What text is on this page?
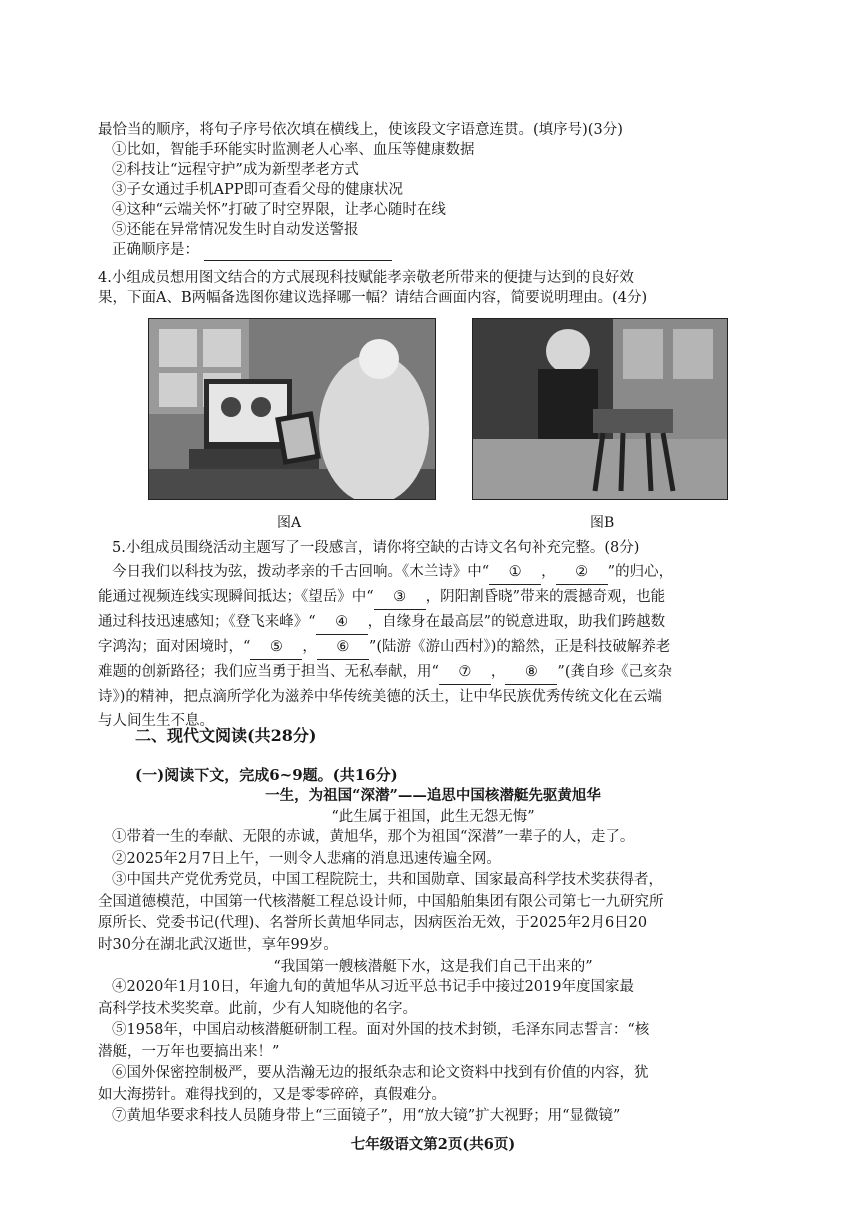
最恰当的顺序，将句子序号依次填在横线上，使该段文字语意连贯。(填序号)(3分)
①比如，智能手环能实时监测老人心率、血压等健康数据
②科技让“远程守护”成为新型孝老方式
③子女通过手机APP即可查看父母的健康状况
④这种“云端关怀”打破了时空界限，让孝心随时在线
⑤还能在异常情况发生时自动发送警报
正确顺序是：
4.小组成员想用图文结合的方式展现科技赋能孝亲敬老所带来的便捷与达到的良好效
果，下面A、B两幅备选图你建议选择哪一幅？请结合画面内容，简要说明理由。(4分)
图A	图B
5.小组成员围绕活动主题写了一段感言，请你将空缺的古诗文名句补充完整。(8分)
今日我们以科技为弦，拨动孝亲的千古回响。《木兰诗》中“ ① ， ② ”的归心，
能通过视频连线实现瞬间抵达；《望岳》中“ ③ ，阴阳割昏晓”带来的震撼奇观，也能
通过科技迅速感知；《登飞来峰》“ ④ ，自缘身在最高层”的锐意进取，助我们跨越数
字鸿沟；面对困境时，“ ⑤ ， ⑥ ”(陆游《游山西村》)的豁然，正是科技破解养老
难题的创新路径；我们应当勇于担当、无私奉献，用“ ⑦ ， ⑧ ”(龚自珍《己亥杂
诗》)的精神，把点滴所学化为滋养中华传统美德的沃土，让中华民族优秀传统文化在云端
与人间生生不息。
二、现代文阅读(共28分)
(一)阅读下文，完成6~9题。(共16分)
一生，为祖国“深潜”——追思中国核潜艇先驱黄旭华
“此生属于祖国，此生无怨无悔”
①带着一生的奉献、无限的赤诚，黄旭华，那个为祖国“深潜”一辈子的人，走了。
②2025年2月7日上午，一则令人悲痛的消息迅速传遍全网。
③中国共产党优秀党员，中国工程院院士，共和国勋章、国家最高科学技术奖获得者，
全国道德模范，中国第一代核潜艇工程总设计师，中国船舶集团有限公司第七一九研究所
原所长、党委书记(代理)、名誉所长黄旭华同志，因病医治无效，于2025年2月6日20
时30分在湖北武汉逝世，享年99岁。
“我国第一艘核潜艇下水，这是我们自己干出来的”
④2020年1月10日，年逾九旬的黄旭华从习近平总书记手中接过2019年度国家最
高科学技术奖奖章。此前，少有人知晓他的名字。
⑤1958年，中国启动核潜艇研制工程。面对外国的技术封锁，毛泽东同志誓言：“核
潜艇，一万年也要搞出来！”
⑥国外保密控制极严，要从浩瀚无边的报纸杂志和论文资料中找到有价值的内容，犹
如大海捞针。难得找到的，又是零零碎碎，真假难分。
⑦黄旭华要求科技人员随身带上“三面镜子”，用“放大镜”扩大视野；用“显微镜”
七年级语文第2页(共6页)
